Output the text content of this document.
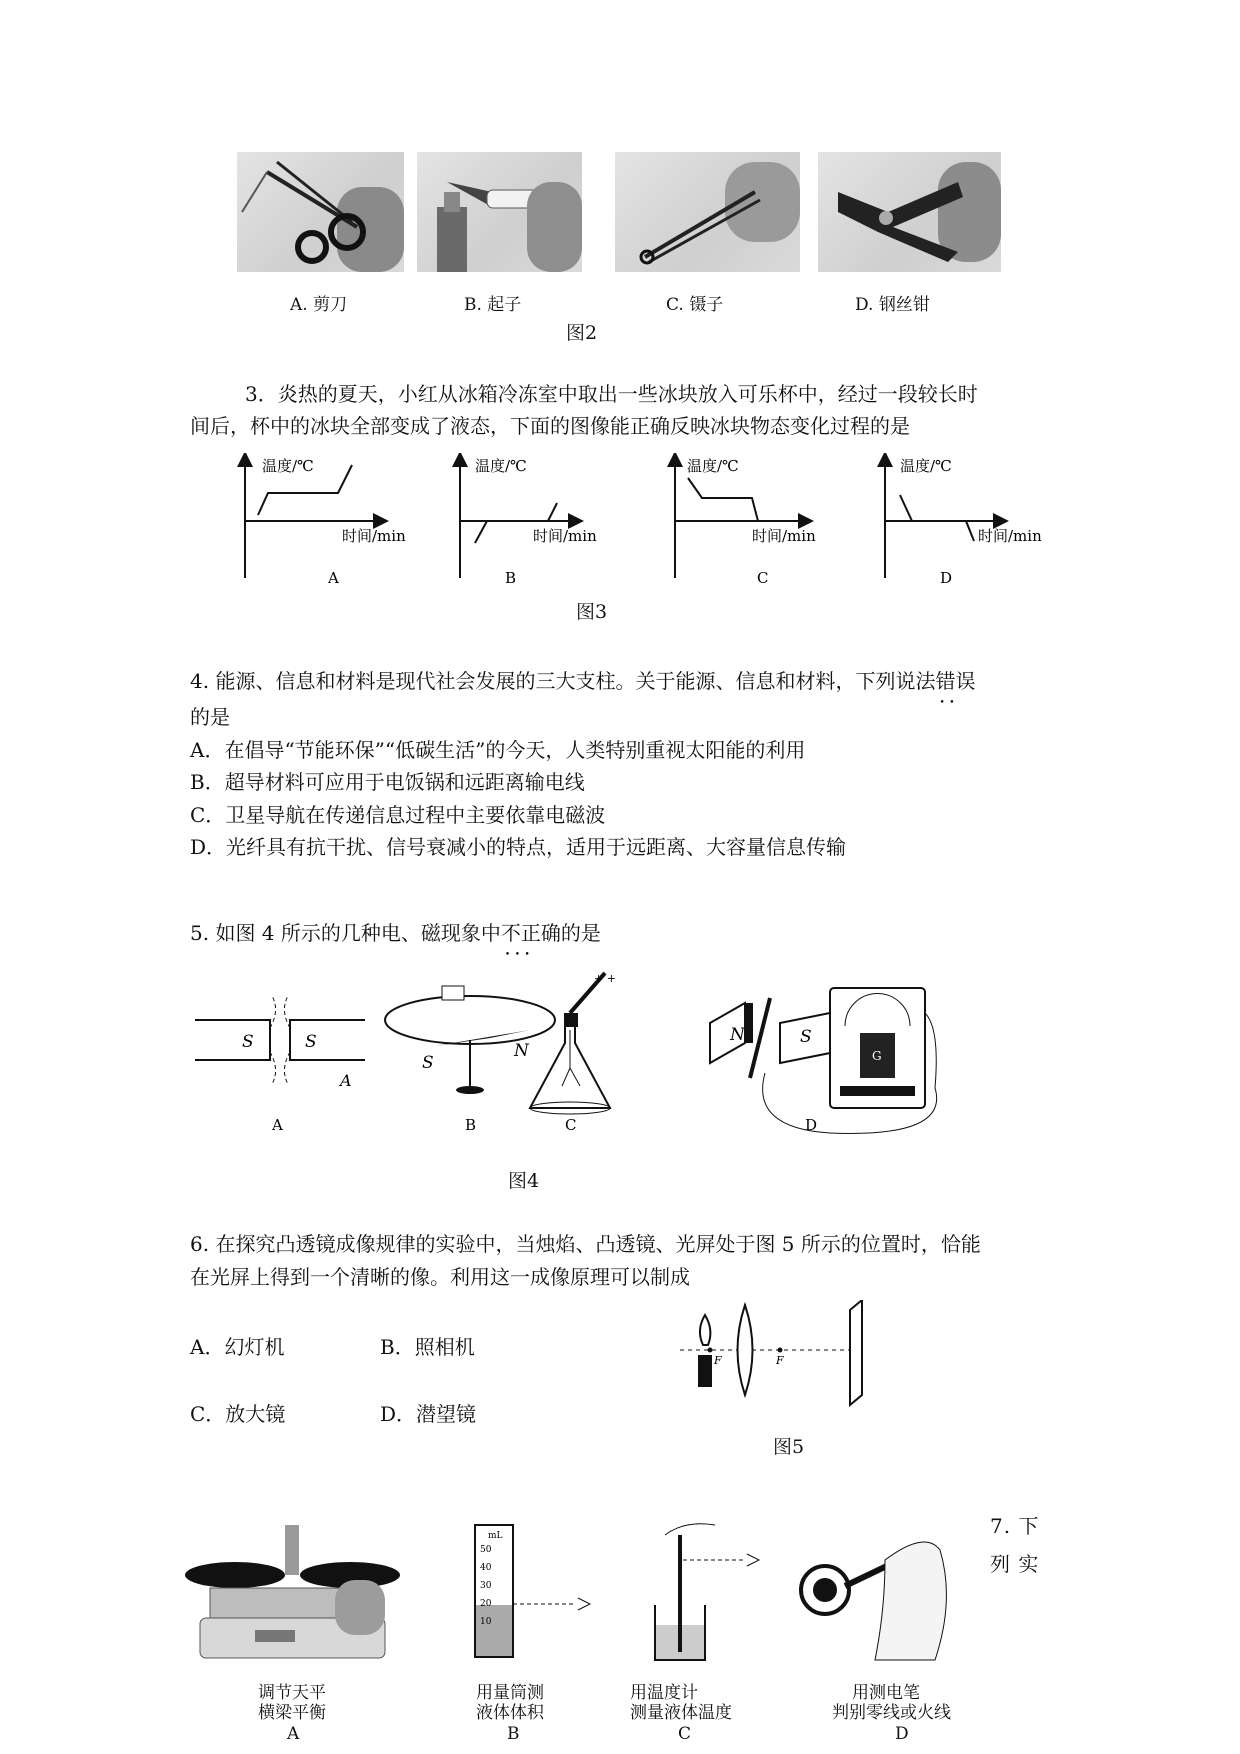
A. 剪刀	B. 起子	C. 镊子	D. 钢丝钳
图2
3．炎热的夏天，小红从冰箱冷冻室中取出一些冰块放入可乐杯中，经过一段较长时
间后，杯中的冰块全部变成了液态，下面的图像能正确反映冰块物态变化过程的是
温度/℃
时间/min
A
温度/℃
时间/min
B
温度/℃
时间/min
C
温度/℃
时间/min
D
图3
4. 能源、信息和材料是现代社会发展的三大支柱。关于能源、信息和材料，下列说法错误 • •
的是
A．在倡导“节能环保”“低碳生活”的今天，人类特别重视太阳能的利用
B．超导材料可应用于电饭锅和远距离输电线
C．卫星导航在传递信息过程中主要依靠电磁波
D．光纤具有抗干扰、信号衰减小的特点，适用于远距离、大容量信息传输
5. 如图 4 所示的几种电、磁现象中不正确 • • •的是
S	S
A
A
S
N
B
+ +
C
N	S
G
D
图4
6. 在探究凸透镜成像规律的实验中，当烛焰、凸透镜、光屏处于图 5 所示的位置时，恰能
在光屏上得到一个清晰的像。利用这一成像原理可以制成
A．幻灯机	B．照相机
C．放大镜	D．潜望镜
F	F
图5
7. 下
列 实
mL
50
40
30
20
10
调节天平
横梁平衡
A
用量筒测
液体体积
B
用温度计
测量液体温度
C
用测电笔
判别零线或火线
D
